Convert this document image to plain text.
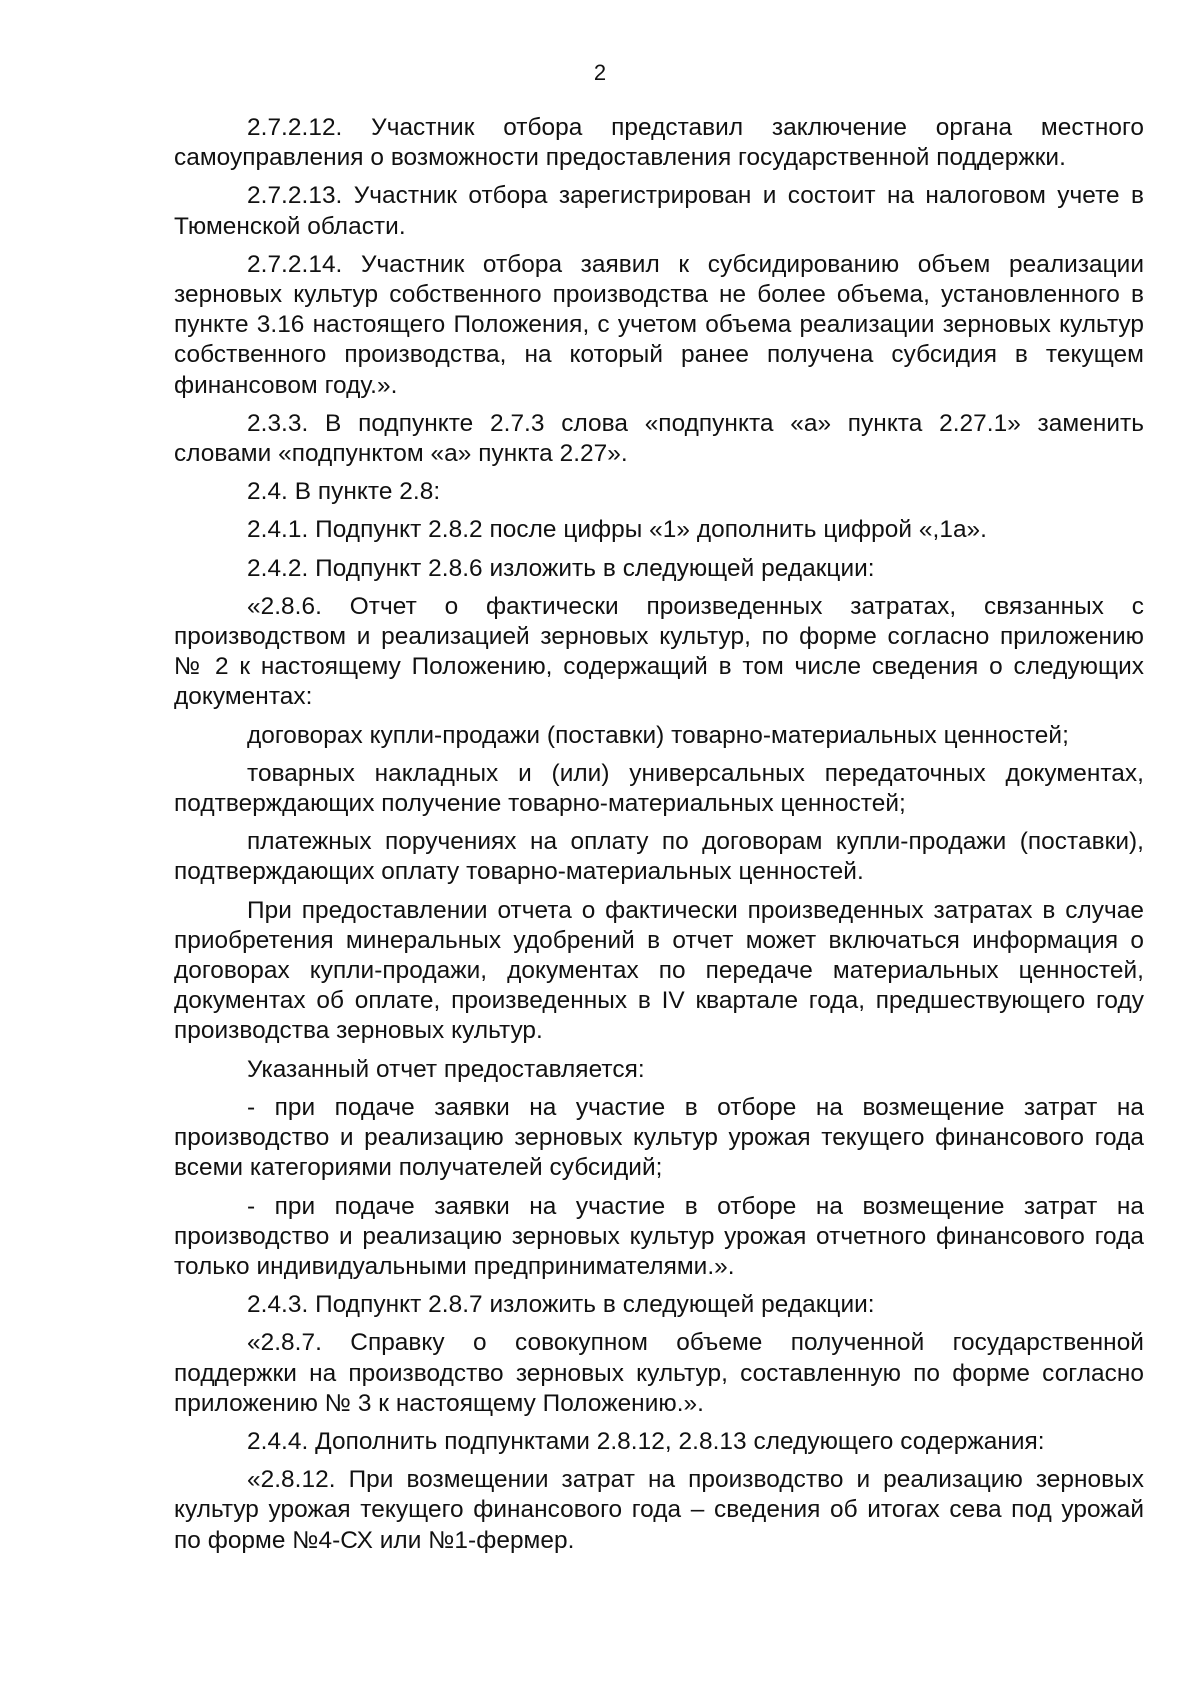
2

2.7.2.12. Участник отбора представил заключение органа местного самоуправления о возможности предоставления государственной поддержки.

2.7.2.13. Участник отбора зарегистрирован и состоит на налоговом учете в Тюменской области.

2.7.2.14. Участник отбора заявил к субсидированию объем реализации зерновых культур собственного производства не более объема, установленного в пункте 3.16 настоящего Положения, с учетом объема реализации зерновых культур собственного производства, на который ранее получена субсидия в текущем финансовом году.».

2.3.3. В подпункте 2.7.3 слова «подпункта «а» пункта 2.27.1» заменить словами «подпунктом «а» пункта 2.27».

2.4. В пункте 2.8:

2.4.1. Подпункт 2.8.2 после цифры «1» дополнить цифрой «,1а».

2.4.2. Подпункт 2.8.6 изложить в следующей редакции:

«2.8.6. Отчет о фактически произведенных затратах, связанных с производством и реализацией зерновых культур, по форме согласно приложению № 2 к настоящему Положению, содержащий в том числе сведения о следующих документах:

договорах купли-продажи (поставки) товарно-материальных ценностей;

товарных накладных и (или) универсальных передаточных документах, подтверждающих получение товарно-материальных ценностей;

платежных поручениях на оплату по договорам купли-продажи (поставки), подтверждающих оплату товарно-материальных ценностей.

При предоставлении отчета о фактически произведенных затратах в случае приобретения минеральных удобрений в отчет может включаться информация о договорах купли-продажи, документах по передаче материальных ценностей, документах об оплате, произведенных в IV квартале года, предшествующего году производства зерновых культур.

Указанный отчет предоставляется:

- при подаче заявки на участие в отборе на возмещение затрат на производство и реализацию зерновых культур урожая текущего финансового года всеми категориями получателей субсидий;

- при подаче заявки на участие в отборе на возмещение затрат на производство и реализацию зерновых культур урожая отчетного финансового года только индивидуальными предпринимателями.».

2.4.3. Подпункт 2.8.7 изложить в следующей редакции:

«2.8.7. Справку о совокупном объеме полученной государственной поддержки на производство зерновых культур, составленную по форме согласно приложению № 3 к настоящему Положению.».

2.4.4. Дополнить подпунктами 2.8.12, 2.8.13 следующего содержания:

«2.8.12. При возмещении затрат на производство и реализацию зерновых культур урожая текущего финансового года – сведения об итогах сева под урожай по форме №4-СХ или №1-фермер.
